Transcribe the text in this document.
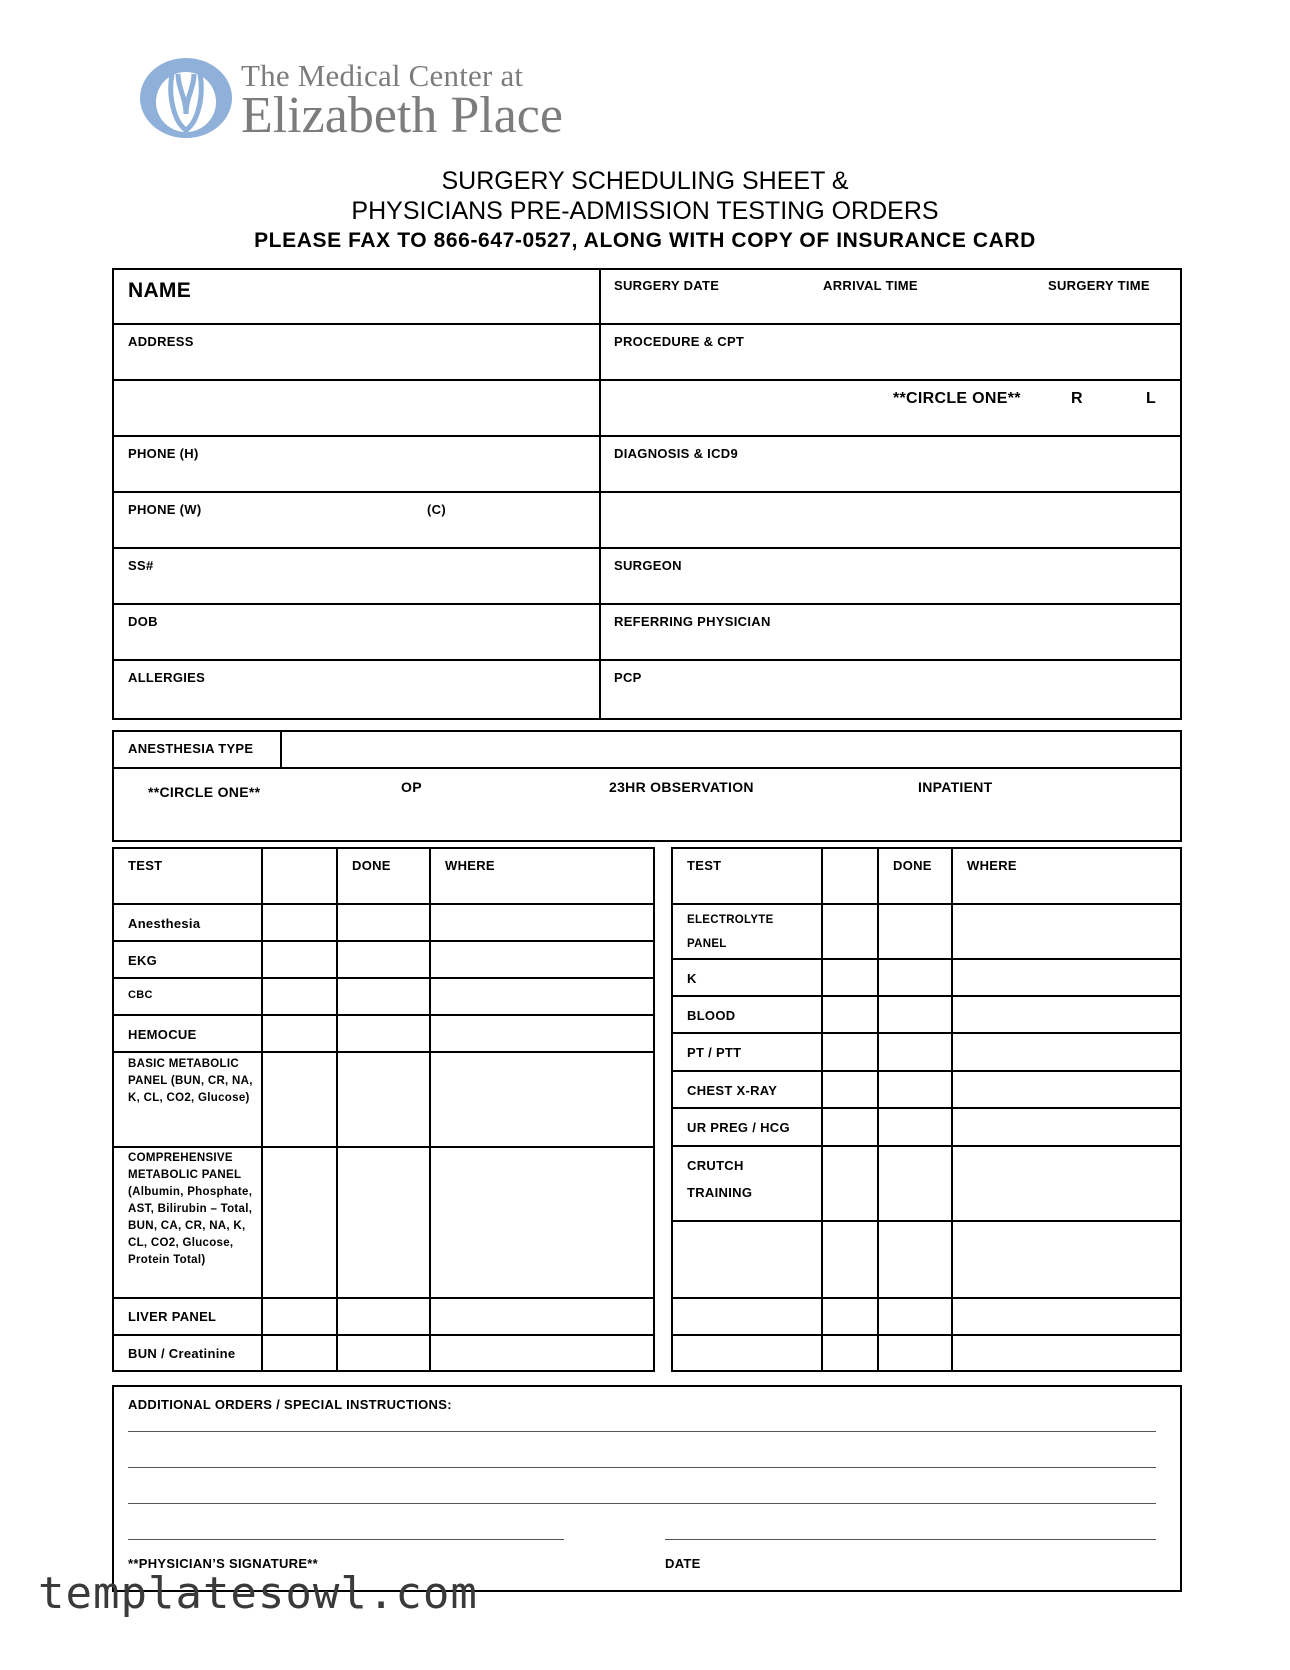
The Medical Center at
Elizabeth Place
SURGERY SCHEDULING SHEET &
PHYSICIANS PRE-ADMISSION TESTING ORDERS
PLEASE FAX TO 866-647-0527, ALONG WITH COPY OF INSURANCE CARD
NAME	SURGERY DATE	ARRIVAL TIME	SURGERY TIME
ADDRESS	PROCEDURE & CPT
**CIRCLE ONE**	R	L
PHONE (H)	DIAGNOSIS & ICD9
PHONE (W)	(C)
SS#	SURGEON
DOB	REFERRING PHYSICIAN
ALLERGIES	PCP
ANESTHESIA TYPE
**CIRCLE ONE**	OP	23HR OBSERVATION	INPATIENT
TEST	DONE	WHERE
Anesthesia
EKG
CBC
HEMOCUE
BASIC METABOLIC PANEL (BUN, CR, NA, K, CL, CO2, Glucose)
COMPREHENSIVE METABOLIC PANEL (Albumin, Phosphate, AST, Bilirubin – Total, BUN, CA, CR, NA, K, CL, CO2, Glucose, Protein Total)
LIVER PANEL
BUN / Creatinine
TEST	DONE	WHERE
ELECTROLYTE PANEL
K
BLOOD
PT / PTT
CHEST X-RAY
UR PREG / HCG
CRUTCH TRAINING
ADDITIONAL ORDERS / SPECIAL INSTRUCTIONS:
**PHYSICIAN’S SIGNATURE**	DATE
templatesowl.com
